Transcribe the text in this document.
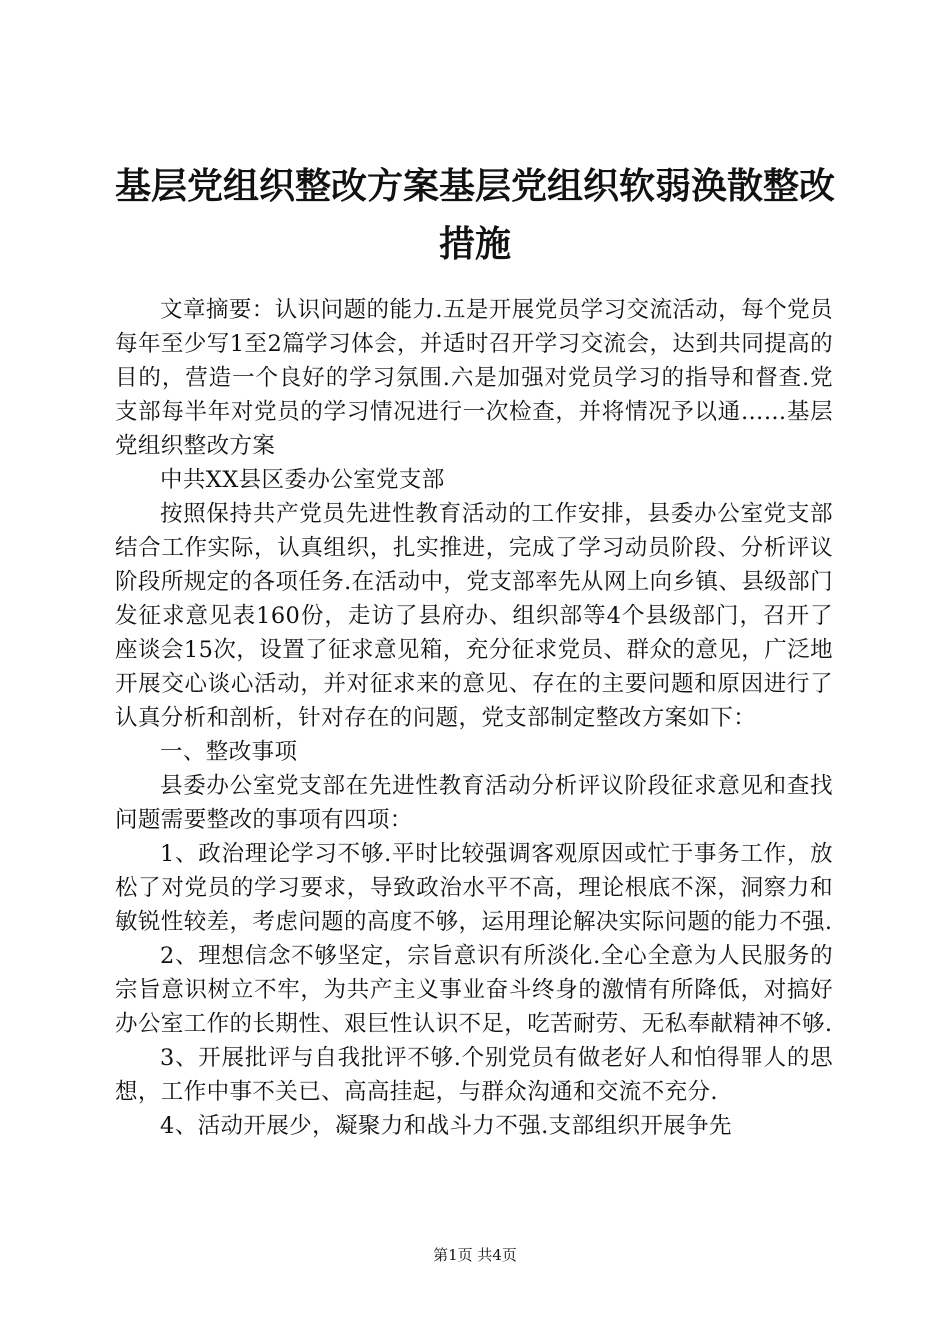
基层党组织整改方案基层党组织软弱涣散整改措施

文章摘要：认识问题的能力.五是开展党员学习交流活动，每个党员每年至少写1至2篇学习体会，并适时召开学习交流会，达到共同提高的目的，营造一个良好的学习氛围.六是加强对党员学习的指导和督查.党支部每半年对党员的学习情况进行一次检查，并将情况予以通……基层党组织整改方案

中共XX县区委办公室党支部

按照保持共产党员先进性教育活动的工作安排，县委办公室党支部结合工作实际，认真组织，扎实推进，完成了学习动员阶段、分析评议阶段所规定的各项任务.在活动中，党支部率先从网上向乡镇、县级部门发征求意见表160份，走访了县府办、组织部等4个县级部门，召开了座谈会15次，设置了征求意见箱，充分征求党员、群众的意见，广泛地开展交心谈心活动，并对征求来的意见、存在的主要问题和原因进行了认真分析和剖析，针对存在的问题，党支部制定整改方案如下：

一、整改事项

县委办公室党支部在先进性教育活动分析评议阶段征求意见和查找问题需要整改的事项有四项：

1、政治理论学习不够.平时比较强调客观原因或忙于事务工作，放松了对党员的学习要求，导致政治水平不高，理论根底不深，洞察力和敏锐性较差，考虑问题的高度不够，运用理论解决实际问题的能力不强.

2、理想信念不够坚定，宗旨意识有所淡化.全心全意为人民服务的宗旨意识树立不牢，为共产主义事业奋斗终身的激情有所降低，对搞好办公室工作的长期性、艰巨性认识不足，吃苦耐劳、无私奉献精神不够.

3、开展批评与自我批评不够.个别党员有做老好人和怕得罪人的思想，工作中事不关已、高高挂起，与群众沟通和交流不充分.

4、活动开展少，凝聚力和战斗力不强.支部组织开展争先

第1页 共4页
